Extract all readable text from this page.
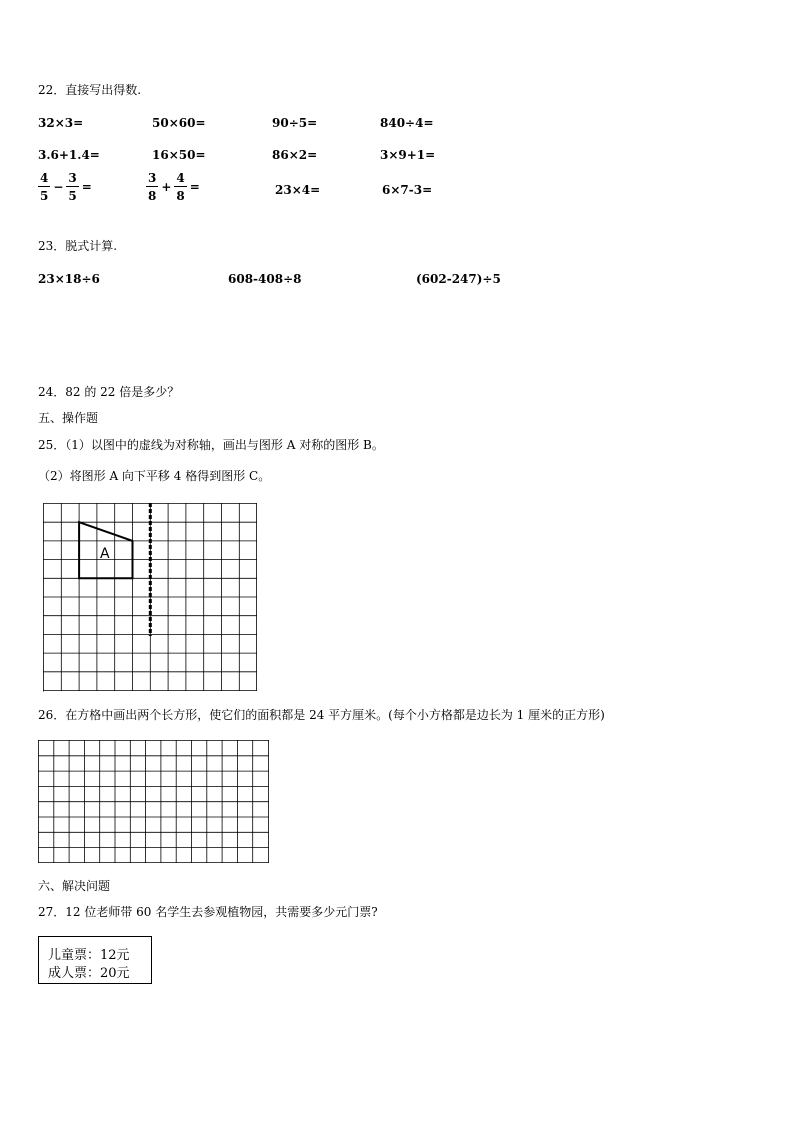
22．直接写出得数.
32×3=	50×60=	90÷5=	840÷4=
3.6+1.4=	16×50=	86×2=	3×9+1=
$\frac{4}{5} - \frac{3}{5}$ =	$\frac{3}{8} + \frac{4}{8}$ =	23×4=	6×7-3=
23．脱式计算.
23×18÷6	608-408÷8	(602-247)÷5
24．82 的 22 倍是多少？
五、操作题
25．（1）以图中的虚线为对称轴，画出与图形 A 对称的图形 B。
（2）将图形 A 向下平移 4 格得到图形 C。
A
26．在方格中画出两个长方形，使它们的面积都是 24 平方厘米。(每个小方格都是边长为 1 厘米的正方形)
六、解决问题
27．12 位老师带 60 名学生去参观植物园，共需要多少元门票?
儿童票：12元
成人票：20元
